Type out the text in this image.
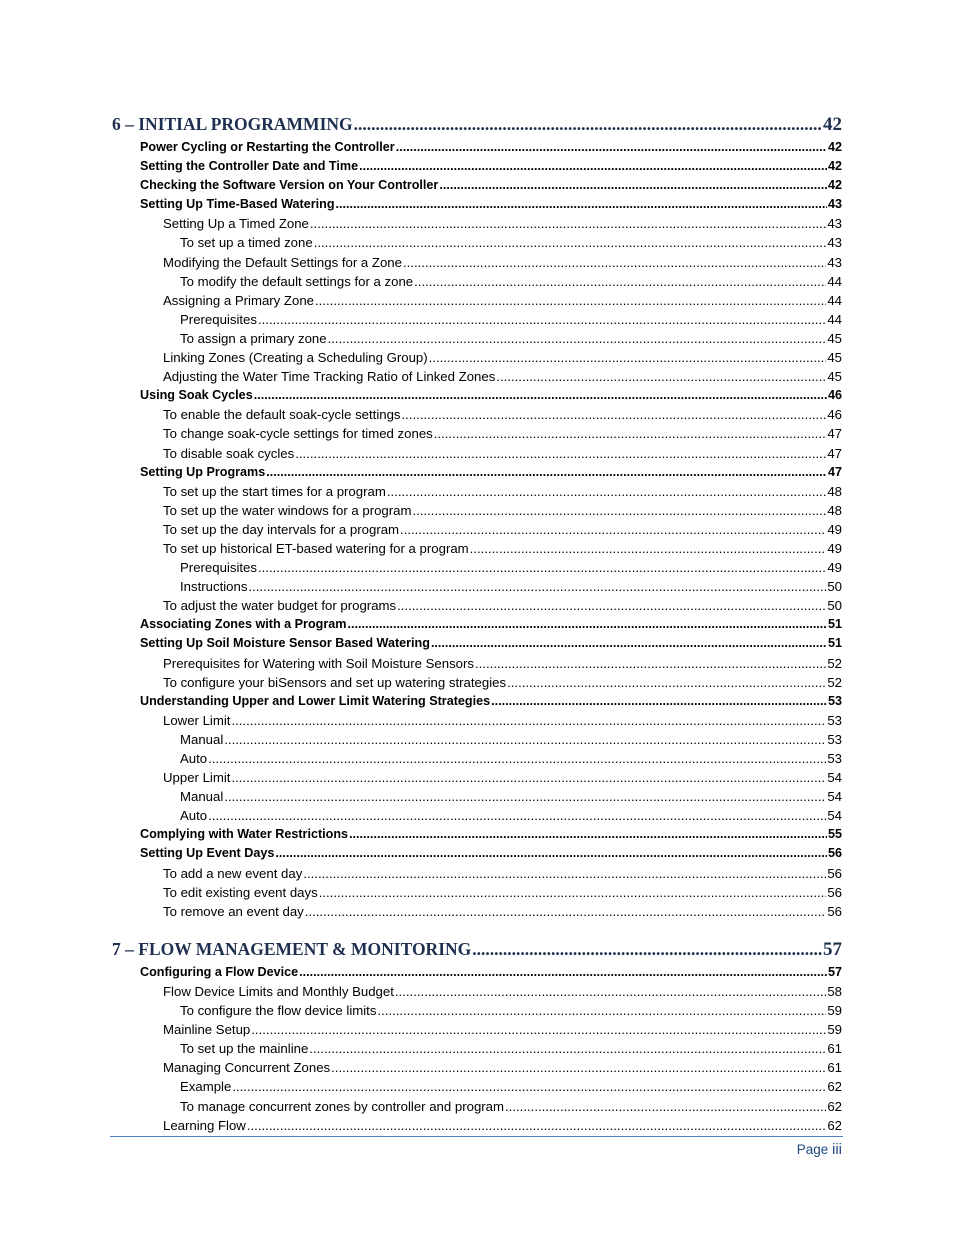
6 – INITIAL PROGRAMMING .....	42
Power Cycling or Restarting the Controller .....	42
Setting the Controller Date and Time .....	42
Checking the Software Version on Your Controller .....	42
Setting Up Time-Based Watering .....	43
Setting Up a Timed Zone .....	43
To set up a timed zone .....	43
Modifying the Default Settings for a Zone .....	43
To modify the default settings for a zone .....	44
Assigning a Primary Zone .....	44
Prerequisites .....	44
To assign a primary zone .....	45
Linking Zones (Creating a Scheduling Group) .....	45
Adjusting the Water Time Tracking Ratio of Linked Zones .....	45
Using Soak Cycles .....	46
To enable the default soak-cycle settings .....	46
To change soak-cycle settings for timed zones .....	47
To disable soak cycles .....	47
Setting Up Programs .....	47
To set up the start times for a program .....	48
To set up the water windows for a program .....	48
To set up the day intervals for a program .....	49
To set up historical ET-based watering for a program .....	49
Prerequisites .....	49
Instructions .....	50
To adjust the water budget for programs .....	50
Associating Zones with a Program .....	51
Setting Up Soil Moisture Sensor Based Watering .....	51
Prerequisites for Watering with Soil Moisture Sensors .....	52
To configure your biSensors and set up watering strategies .....	52
Understanding Upper and Lower Limit Watering Strategies .....	53
Lower Limit .....	53
Manual .....	53
Auto .....	53
Upper Limit .....	54
Manual .....	54
Auto .....	54
Complying with Water Restrictions .....	55
Setting Up Event Days .....	56
To add a new event day .....	56
To edit existing event days .....	56
To remove an event day .....	56
7 – FLOW MANAGEMENT & MONITORING .....	57
Configuring a Flow Device .....	57
Flow Device Limits and Monthly Budget .....	58
To configure the flow device limits .....	59
Mainline Setup .....	59
To set up the mainline .....	61
Managing Concurrent Zones .....	61
Example .....	62
To manage concurrent zones by controller and program .....	62
Learning Flow .....	62
Page iii
